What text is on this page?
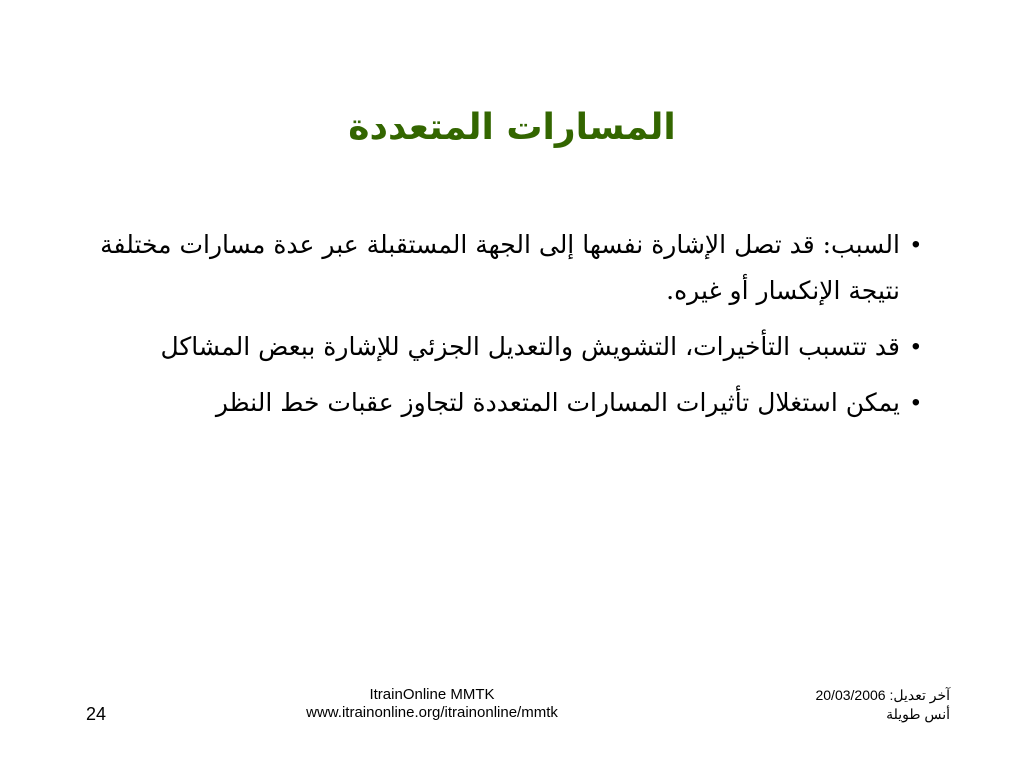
المسارات المتعددة
•
السبب: قد تصل الإشارة نفسها إلى الجهة المستقبلة عبر عدة مسارات مختلفة نتيجة الإنكسار أو غيره.
•
قد تتسبب التأخيرات، التشويش والتعديل الجزئي للإشارة ببعض المشاكل
•
يمكن استغلال تأثيرات المسارات المتعددة لتجاوز عقبات خط النظر
24
ItrainOnline MMTK
www.itrainonline.org/itrainonline/mmtk
آخر تعديل: 20/03/2006
أنس طويلة
